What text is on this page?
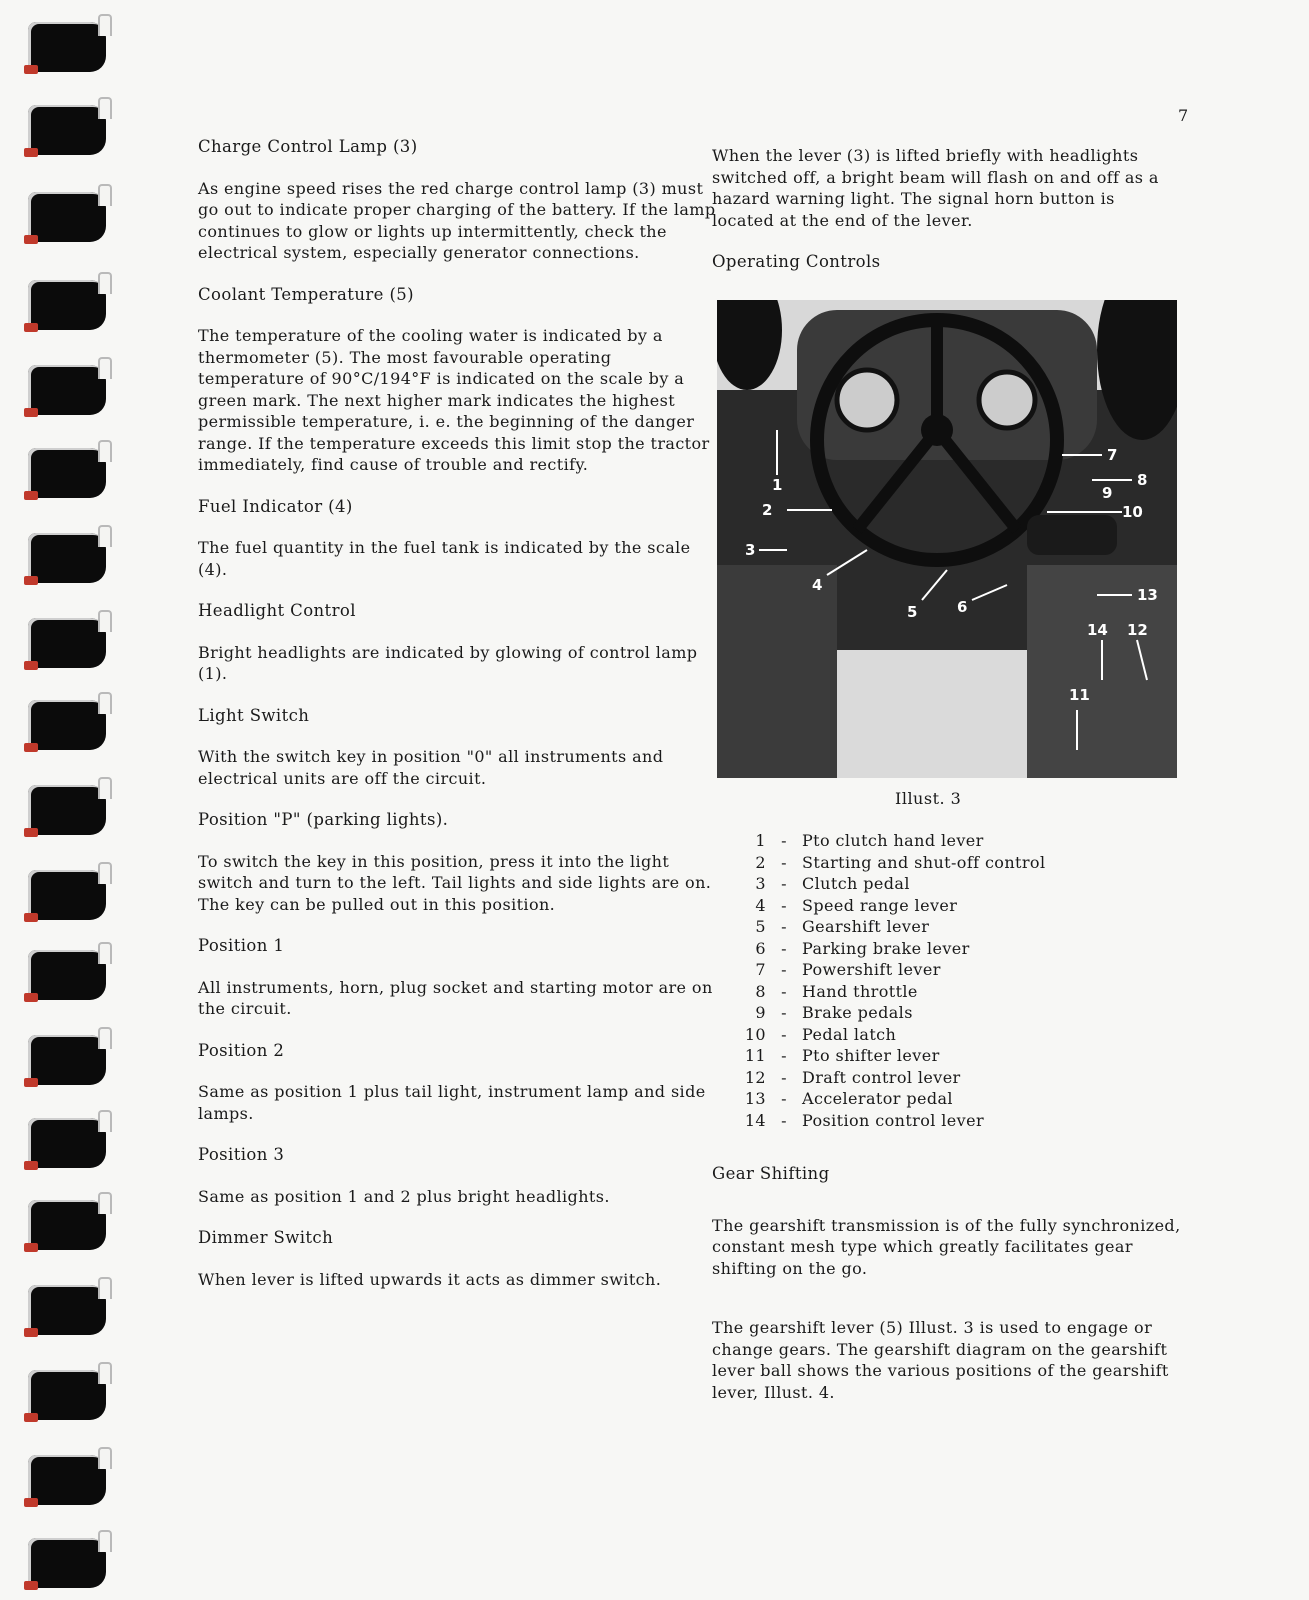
7
Charge Control Lamp (3)

As engine speed rises the red charge control lamp (3) must go out to indicate proper charging of the battery. If the lamp continues to glow or lights up intermittently, check the electrical system, especially generator connections.

Coolant Temperature (5)

The temperature of the cooling water is indicated by a thermometer (5). The most favourable operating temperature of 90°C/194°F is indicated on the scale by a green mark. The next higher mark indicates the highest permissible temperature, i. e. the beginning of the danger range. If the temperature exceeds this limit stop the tractor immediately, find cause of trouble and rectify.

Fuel Indicator (4)

The fuel quantity in the fuel tank is indicated by the scale (4).

Headlight Control

Bright headlights are indicated by glowing of control lamp (1).

Light Switch

With the switch key in position "0" all instruments and electrical units are off the circuit.

Position "P" (parking lights).

To switch the key in this position, press it into the light switch and turn to the left. Tail lights and side lights are on. The key can be pulled out in this position.

Position 1

All instruments, horn, plug socket and starting motor are on the circuit.

Position 2

Same as position 1 plus tail light, instrument lamp and side lamps.

Position 3

Same as position 1 and 2 plus bright headlights.

Dimmer Switch

When lever is lifted upwards it acts as dimmer switch.

When the lever (3) is lifted briefly with headlights switched off, a bright beam will flash on and off as a hazard warning light. The signal horn button is located at the end of the lever.

Operating Controls
1
2
3
4
5	6
7
8
9
10
11
12
13
14
Illust. 3
1 - Pto clutch hand lever
2 - Starting and shut-off control
3 - Clutch pedal
4 - Speed range lever
5 - Gearshift lever
6 - Parking brake lever
7 - Powershift lever
8 - Hand throttle
9 - Brake pedals
10 - Pedal latch
11 - Pto shifter lever
12 - Draft control lever
13 - Accelerator pedal
14 - Position control lever
Gear Shifting

The gearshift transmission is of the fully synchronized, constant mesh type which greatly facilitates gear shifting on the go.

The gearshift lever (5) Illust. 3 is used to engage or change gears. The gearshift diagram on the gearshift lever ball shows the various positions of the gearshift lever, Illust. 4.
